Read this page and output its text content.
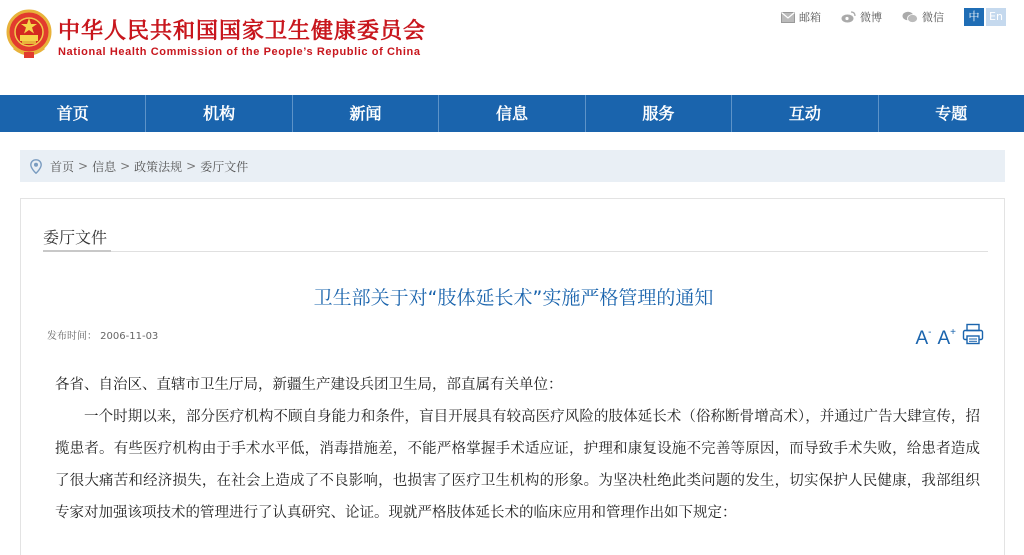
中华人民共和国国家卫生健康委员会
National Health Commission of the People’s Republic of China
邮箱	微博	微信	中 En
首页	机构	新闻	信息	服务	互动	专题
首页 > 信息 > 政策法规 > 委厅文件
委厅文件
卫生部关于对“肢体延长术”实施严格管理的通知
发布时间： 2006-11-03	A- A+

各省、自治区、直辖市卫生厅局，新疆生产建设兵团卫生局，部直属有关单位：

一个时期以来，部分医疗机构不顾自身能力和条件，盲目开展具有较高医疗风险的肢体延长术（俗称断骨增高术），并通过广告大肆宣传，招揽患者。有些医疗机构由于手术水平低，消毒措施差，不能严格掌握手术适应证，护理和康复设施不完善等原因，而导致手术失败，给患者造成了很大痛苦和经济损失，在社会上造成了不良影响，也损害了医疗卫生机构的形象。为坚决杜绝此类问题的发生，切实保护人民健康，我部组织专家对加强该项技术的管理进行了认真研究、论证。现就严格肢体延长术的临床应用和管理作出如下规定：
